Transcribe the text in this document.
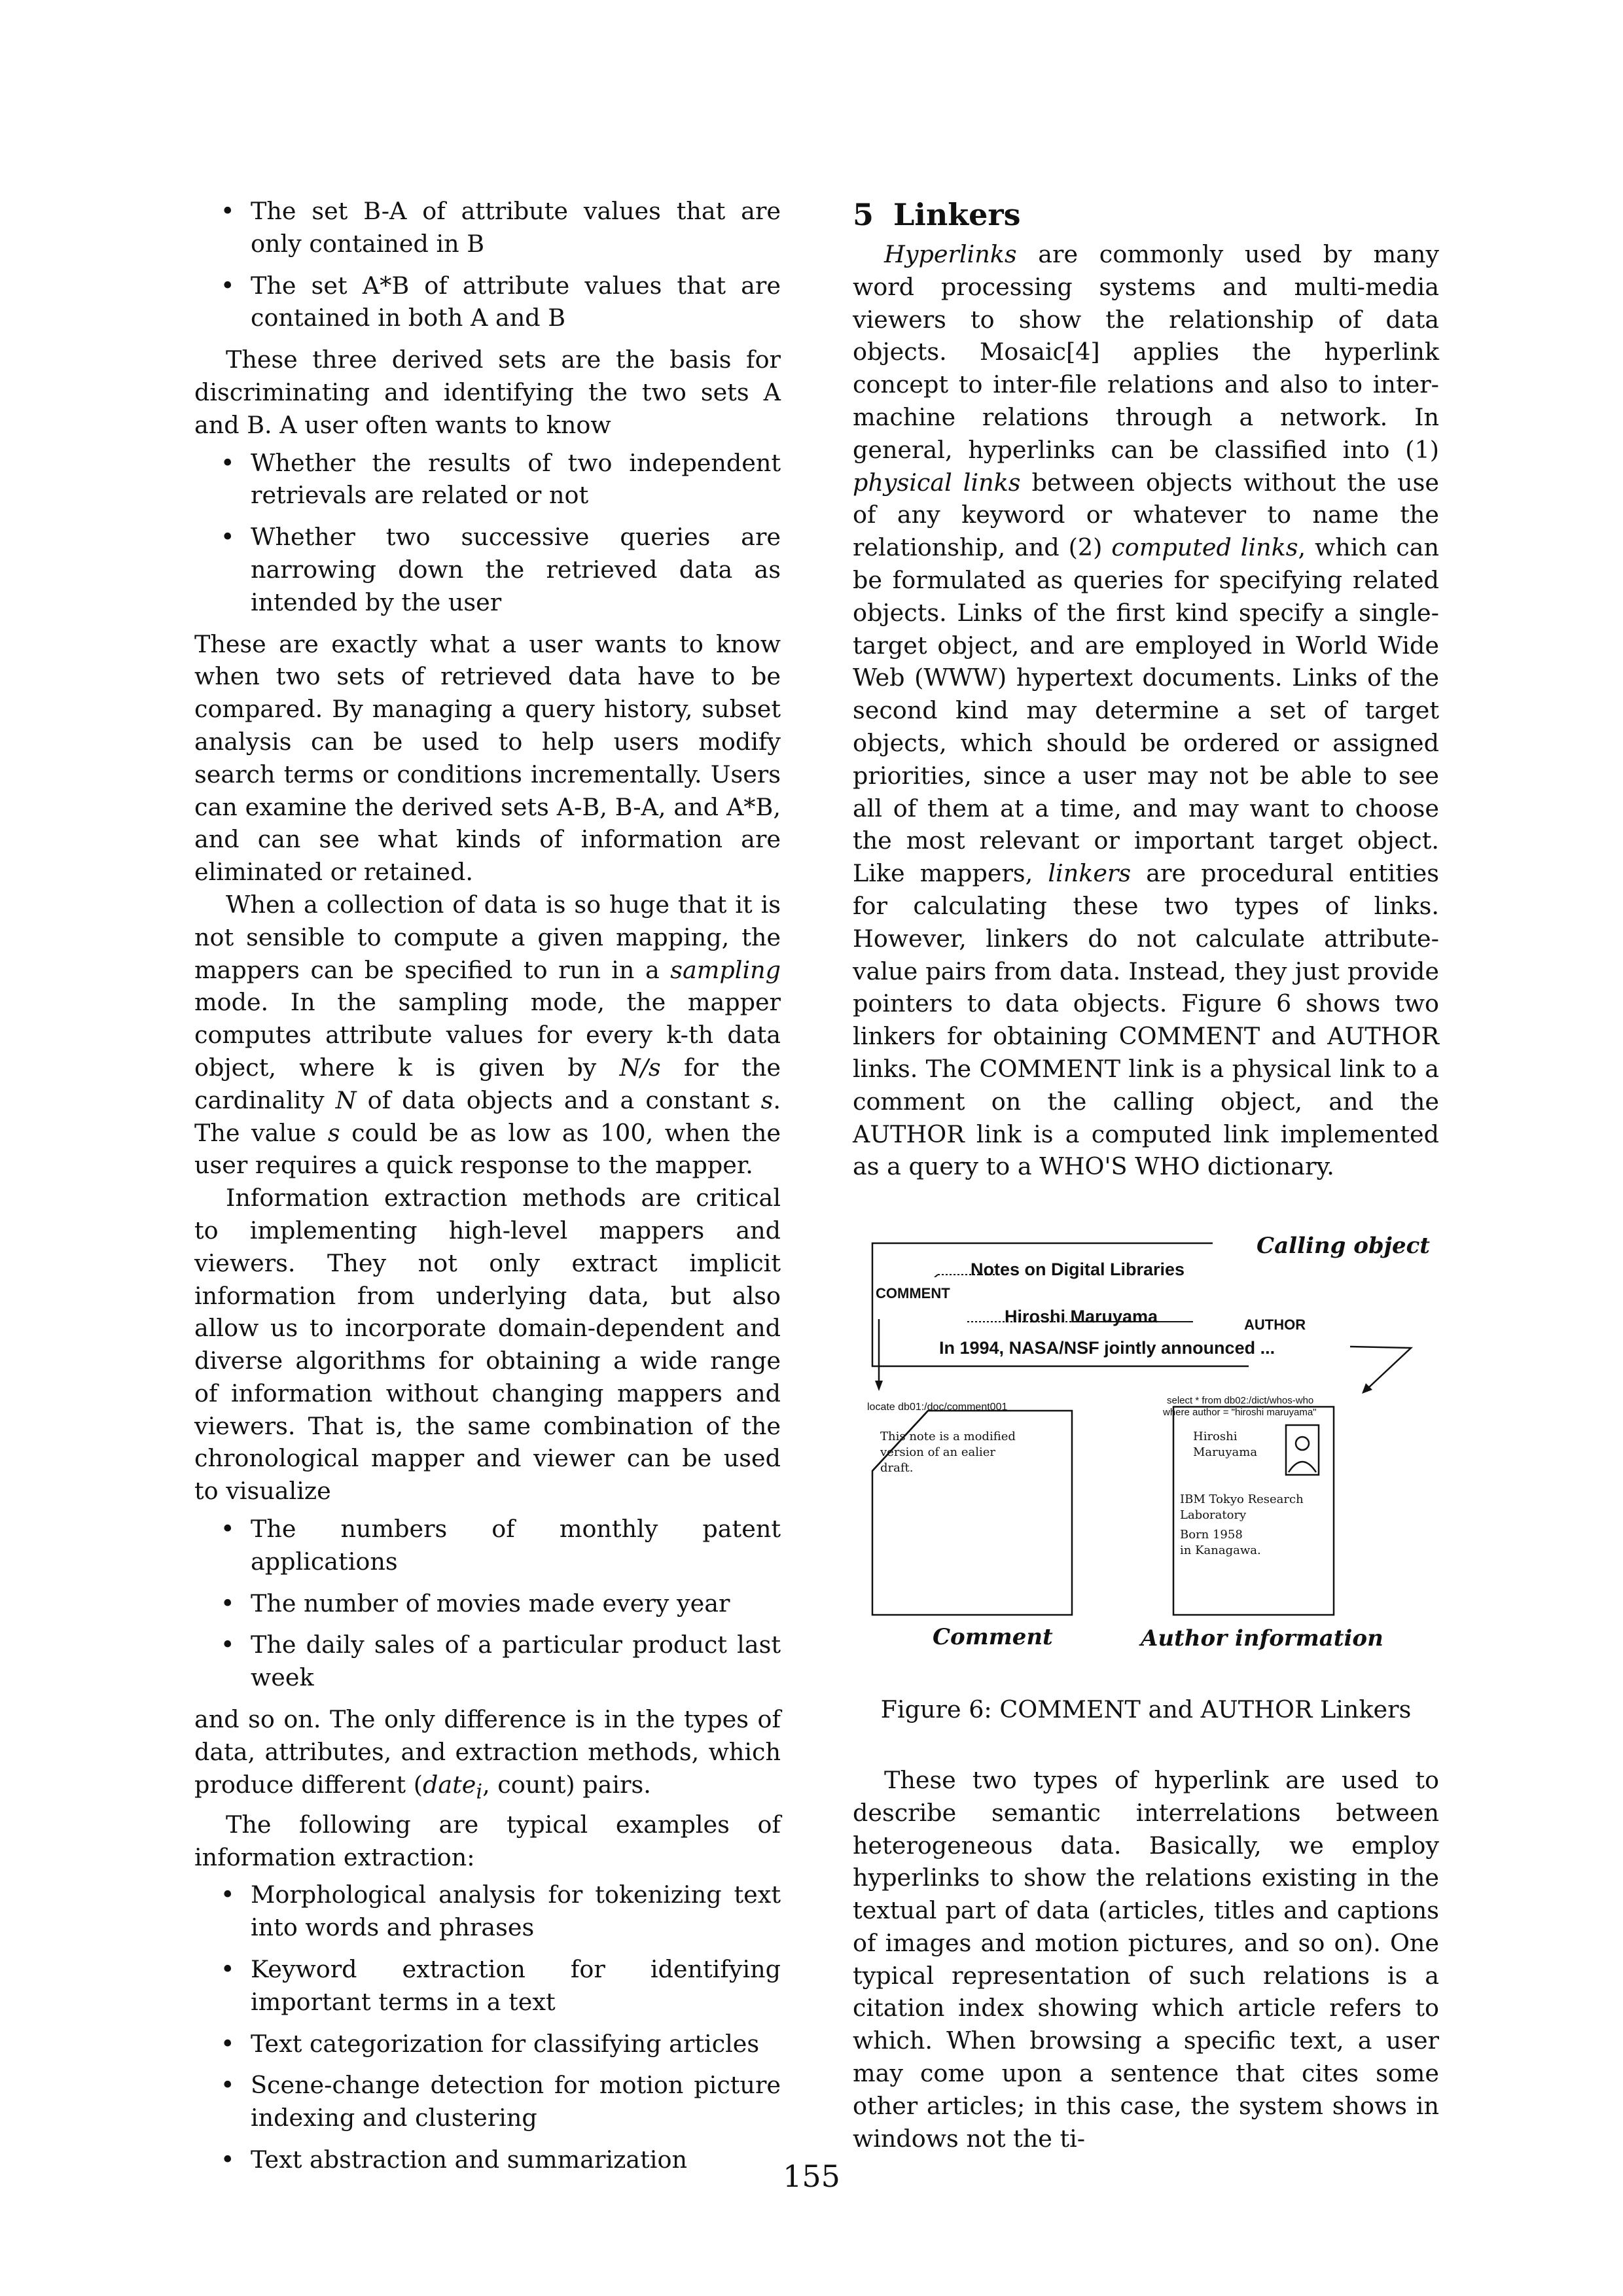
• The set B-A of attribute values that are only contained in B
• The set A*B of attribute values that are contained in both A and B

These three derived sets are the basis for discriminating and identifying the two sets A and B. A user often wants to know

• Whether the results of two independent retrievals are related or not
• Whether two successive queries are narrowing down the retrieved data as intended by the user

These are exactly what a user wants to know when two sets of retrieved data have to be compared. By managing a query history, subset analysis can be used to help users modify search terms or conditions incrementally. Users can examine the derived sets A-B, B-A, and A*B, and can see what kinds of information are eliminated or retained.

When a collection of data is so huge that it is not sensible to compute a given mapping, the mappers can be specified to run in a sampling mode. In the sampling mode, the mapper computes attribute values for every k-th data object, where k is given by N/s for the cardinality N of data objects and a constant s. The value s could be as low as 100, when the user requires a quick response to the mapper.

Information extraction methods are critical to implementing high-level mappers and viewers. They not only extract implicit information from underlying data, but also allow us to incorporate domain-dependent and diverse algorithms for obtaining a wide range of information without changing mappers and viewers. That is, the same combination of the chronological mapper and viewer can be used to visualize

• The numbers of monthly patent applications
• The number of movies made every year
• The daily sales of a particular product last week

and so on. The only difference is in the types of data, attributes, and extraction methods, which produce different (date$_i$, count) pairs.

The following are typical examples of information extraction:

• Morphological analysis for tokenizing text into words and phrases
• Keyword extraction for identifying important terms in a text
• Text categorization for classifying articles
• Scene-change detection for motion picture indexing and clustering
• Text abstraction and summarization
5 Linkers

Hyperlinks are commonly used by many word processing systems and multi-media viewers to show the relationship of data objects. Mosaic[4] applies the hyperlink concept to inter-file relations and also to inter-machine relations through a network. In general, hyperlinks can be classified into (1) physical links between objects without the use of any keyword or whatever to name the relationship, and (2) computed links, which can be formulated as queries for specifying related objects. Links of the first kind specify a single-target object, and are employed in World Wide Web (WWW) hypertext documents. Links of the second kind may determine a set of target objects, which should be ordered or assigned priorities, since a user may not be able to see all of them at a time, and may want to choose the most relevant or important target object. Like mappers, linkers are procedural entities for calculating these two types of links. However, linkers do not calculate attribute-value pairs from data. Instead, they just provide pointers to data objects. Figure 6 shows two linkers for obtaining COMMENT and AUTHOR links. The COMMENT link is a physical link to a comment on the calling object, and the AUTHOR link is a computed link implemented as a query to a WHO'S WHO dictionary.

Calling object
Notes on Digital Libraries
COMMENT
Hiroshi Maruyama	AUTHOR
In 1994, NASA/NSF jointly announced ...
locate db01:/doc/comment001
select * from db02:/dict/whos-who
where author = "hiroshi maruyama"
This note is a modified
version of an ealier
draft.
Hiroshi
Maruyama
IBM Tokyo Research
Laboratory
Born 1958
in Kanagawa.
Comment	Author information

Figure 6: COMMENT and AUTHOR Linkers

These two types of hyperlink are used to describe semantic interrelations between heterogeneous data. Basically, we employ hyperlinks to show the relations existing in the textual part of data (articles, titles and captions of images and motion pictures, and so on). One typical representation of such relations is a citation index showing which article refers to which. When browsing a specific text, a user may come upon a sentence that cites some other articles; in this case, the system shows in windows not the ti-

155
